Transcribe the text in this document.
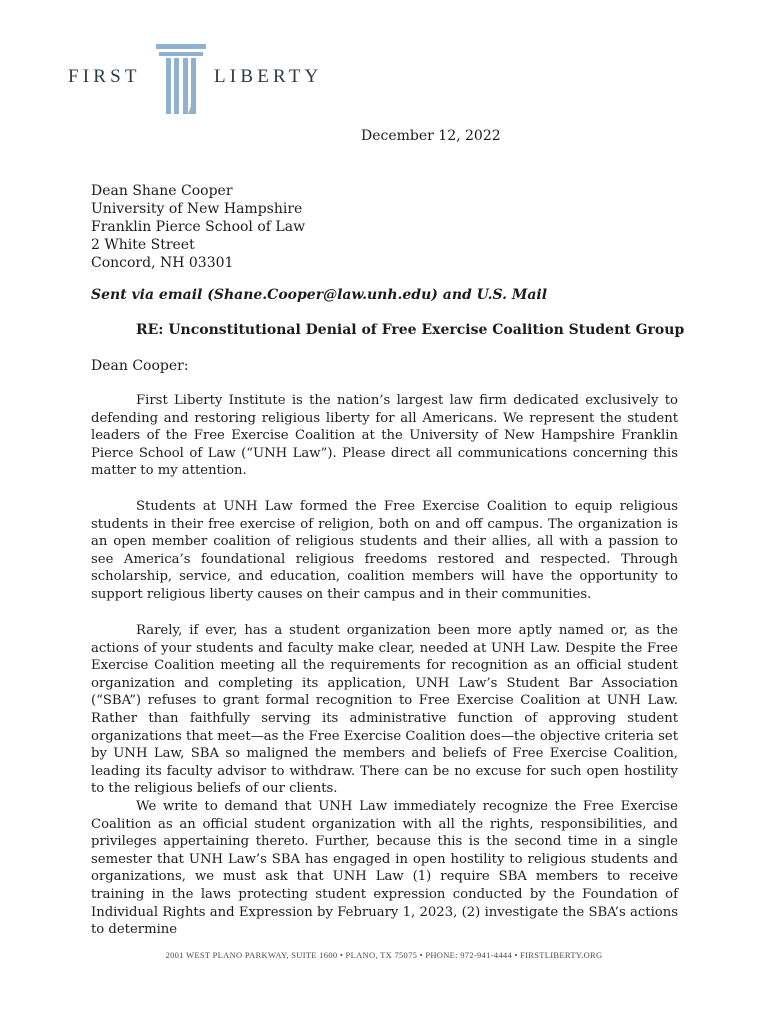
FIRST	LIBERTY
December 12, 2022
Dean Shane Cooper
University of New Hampshire
Franklin Pierce School of Law
2 White Street
Concord, NH 03301
Sent via email (Shane.Cooper@law.unh.edu) and U.S. Mail
RE: Unconstitutional Denial of Free Exercise Coalition Student Group
Dean Cooper:

First Liberty Institute is the nation’s largest law firm dedicated exclusively to defending and restoring religious liberty for all Americans. We represent the student leaders of the Free Exercise Coalition at the University of New Hampshire Franklin Pierce School of Law (“UNH Law”). Please direct all communications concerning this matter to my attention.

Students at UNH Law formed the Free Exercise Coalition to equip religious students in their free exercise of religion, both on and off campus. The organization is an open member coalition of religious students and their allies, all with a passion to see America’s foundational religious freedoms restored and respected. Through scholarship, service, and education, coalition members will have the opportunity to support religious liberty causes on their campus and in their communities.

Rarely, if ever, has a student organization been more aptly named or, as the actions of your students and faculty make clear, needed at UNH Law. Despite the Free Exercise Coalition meeting all the requirements for recognition as an official student organization and completing its application, UNH Law’s Student Bar Association (“SBA”) refuses to grant formal recognition to Free Exercise Coalition at UNH Law. Rather than faithfully serving its administrative function of approving student organizations that meet—as the Free Exercise Coalition does—the objective criteria set by UNH Law, SBA so maligned the members and beliefs of Free Exercise Coalition, leading its faculty advisor to withdraw. There can be no excuse for such open hostility to the religious beliefs of our clients.

We write to demand that UNH Law immediately recognize the Free Exercise Coalition as an official student organization with all the rights, responsibilities, and privileges appertaining thereto. Further, because this is the second time in a single semester that UNH Law’s SBA has engaged in open hostility to religious students and organizations, we must ask that UNH Law (1) require SBA members to receive training in the laws protecting student expression conducted by the Foundation of Individual Rights and Expression by February 1, 2023, (2) investigate the SBA’s actions to determine

2001 WEST PLANO PARKWAY, SUITE 1600 • PLANO, TX 75075 • PHONE: 972-941-4444 • FIRSTLIBERTY.ORG
